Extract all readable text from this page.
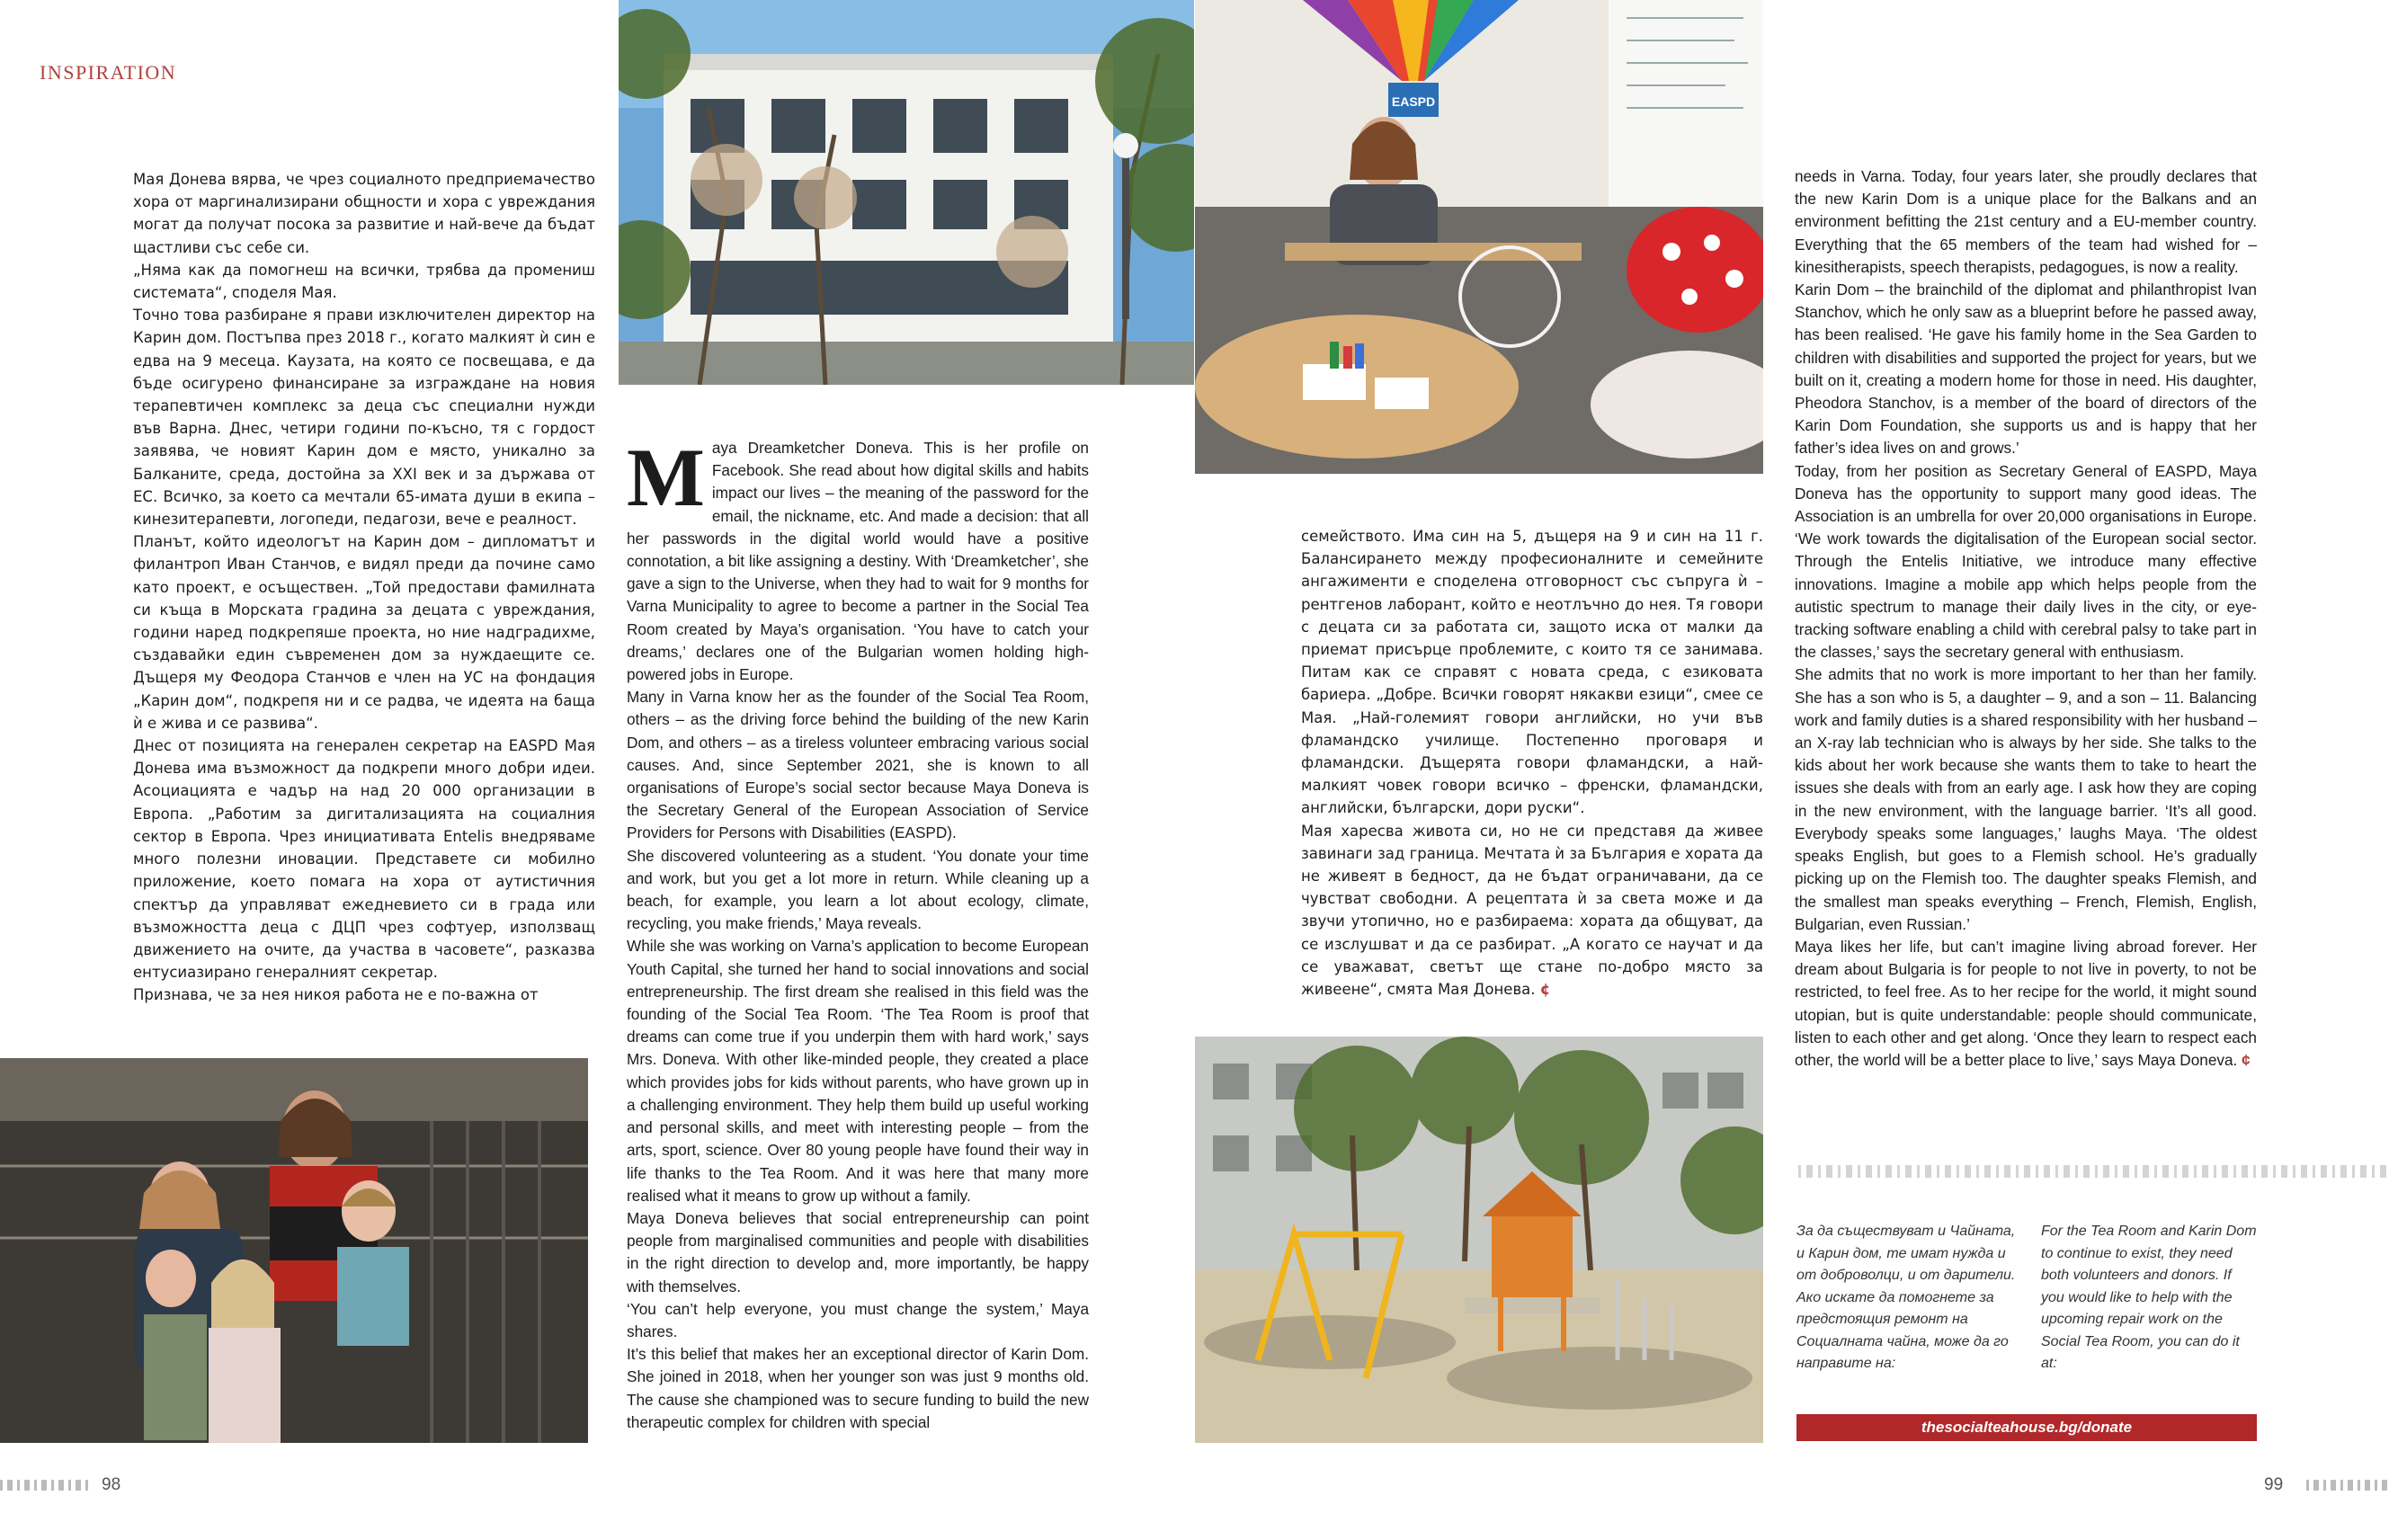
INSPIRATION
EASPD

Мая Донева вярва, че чрез социалното предприемачество хора от маргинализирани общности и хора с увреждания могат да получат посока за развитие и най-вече да бъдат щастливи със себе си.

„Няма как да помогнеш на всички, трябва да промениш системата“, споделя Мая.

Точно това разбиране я прави изключителен директор на Карин дом. Постъпва през 2018 г., когато малкият ѝ син е едва на 9 месеца. Каузата, на която се посвещава, е да бъде осигурено финансиране за изграждане на новия терапевтичен комплекс за деца със специални нужди във Варна. Днес, четири години по-късно, тя с гордост заявява, че новият Карин дом е място, уникално за Балканите, среда, достойна за XXI век и за държава от ЕС. Всичко, за което са мечтали 65-имата души в екипа – кинезитерапевти, логопеди, педагози, вече е реалност.

Планът, който идеологът на Карин дом – дипломатът и филантроп Иван Станчов, е видял преди да почине само като проект, е осъществен. „Той предостави фамилната си къща в Морската градина за децата с увреждания, години наред подкрепяше проекта, но ние надградихме, създавайки един съвременен дом за нуждаещите се. Дъщеря му Феодора Станчов е член на УС на фондация „Карин дом“, подкрепя ни и се радва, че идеята на баща ѝ е жива и се развива“.

Днес от позицията на генерален секретар на EASPD Мая Донева има възможност да подкрепи много добри идеи. Асоциацията е чадър на над 20 000 организации в Европа. „Работим за дигитализацията на социалния сектор в Европа. Чрез инициативата Entelis внедряваме много полезни иновации. Представете си мобилно приложение, което помага на хора от аутистичния спектър да управляват ежедневието си в града или възможността деца с ДЦП чрез софтуер, използващ движението на очите, да участва в часовете“, разказва ентусиазирано генералният секретар.

Признава, че за нея никоя работа не е по-важна от

Maya Dreamketcher Doneva. This is her profile on Facebook. She read about how digital skills and habits impact our lives – the meaning of the password for the email, the nickname, etc. And made a decision: that all her passwords in the digital world would have a positive connotation, a bit like assigning a destiny. With ‘Dreamketcher’, she gave a sign to the Universe, when they had to wait for 9 months for Varna Municipality to agree to become a partner in the Social Tea Room created by Maya’s organisation. ‘You have to catch your dreams,’ declares one of the Bulgarian women holding high-powered jobs in Europe.

Many in Varna know her as the founder of the Social Tea Room, others – as the driving force behind the building of the new Karin Dom, and others – as a tireless volunteer embracing various social causes. And, since September 2021, she is known to all organisations of Europe’s social sector because Maya Doneva is the Secretary General of the European Association of Service Providers for Persons with Disabilities (EASPD).

She discovered volunteering as a student. ‘You donate your time and work, but you get a lot more in return. While cleaning up a beach, for example, you learn a lot about ecology, climate, recycling, you make friends,’ Maya reveals.

While she was working on Varna’s application to become European Youth Capital, she turned her hand to social innovations and social entrepreneurship. The first dream she realised in this field was the founding of the Social Tea Room. ‘The Tea Room is proof that dreams can come true if you underpin them with hard work,’ says Mrs. Doneva. With other like-minded people, they created a place which provides jobs for kids without parents, who have grown up in a challenging environment. They help them build up useful working and personal skills, and meet with interesting people – from the arts, sport, science. Over 80 young people have found their way in life thanks to the Tea Room. And it was here that many more realised what it means to grow up without a family.

Maya Doneva believes that social entrepreneurship can point people from marginalised communities and people with disabilities in the right direction to develop and, more importantly, be happy with themselves.

‘You can’t help everyone, you must change the system,’ Maya shares.

It’s this belief that makes her an exceptional director of Karin Dom. She joined in 2018, when her younger son was just 9 months old. The cause she championed was to secure funding to build the new therapeutic complex for children with special

семейството. Има син на 5, дъщеря на 9 и син на 11 г. Балансирането между професионалните и семейните ангажименти е споделена отговорност със съпруга ѝ – рентгенов лаборант, който е неотлъчно до нея. Тя говори с децата си за работата си, защото иска от малки да приемат присърце проблемите, с които тя се занимава. Питам как се справят с новата среда, с езиковата бариера. „Добре. Всички говорят някакви езици“, смее се Мая. „Най-големият говори английски, но учи във фламандско училище. Постепенно проговаря и фламандски. Дъщерята говори фламандски, а най-малкият човек говори всичко – френски, фламандски, английски, български, дори руски“.

Мая харесва живота си, но не си представя да живее завинаги зад граница. Мечтата ѝ за България е хората да не живеят в бедност, да не бъдат ограничавани, да се чувстват свободни. А рецептата ѝ за света може и да звучи утопично, но е разбираема: хората да общуват, да се изслушват и да се разбират. „А когато се научат и да се уважават, светът ще стане по-добро място за живеене“, смята Мая Донева. ¢

needs in Varna. Today, four years later, she proudly declares that the new Karin Dom is a unique place for the Balkans and an environment befitting the 21st century and a EU-member country. Everything that the 65 members of the team had wished for – kinesitherapists, speech therapists, pedagogues, is now a reality.

Karin Dom – the brainchild of the diplomat and philanthropist Ivan Stanchov, which he only saw as a blueprint before he passed away, has been realised. ‘He gave his family home in the Sea Garden to children with disabilities and supported the project for years, but we built on it, creating a modern home for those in need. His daughter, Pheodora Stanchov, is a member of the board of directors of the Karin Dom Foundation, she supports us and is happy that her father’s idea lives on and grows.’

Today, from her position as Secretary General of EASPD, Maya Doneva has the opportunity to support many good ideas. The Association is an umbrella for over 20,000 organisations in Europe. ‘We work towards the digitalisation of the European social sector. Through the Entelis Initiative, we introduce many effective innovations. Imagine a mobile app which helps people from the autistic spectrum to manage their daily lives in the city, or eye-tracking software enabling a child with cerebral palsy to take part in the classes,’ says the secretary general with enthusiasm.

She admits that no work is more important to her than her family. She has a son who is 5, a daughter – 9, and a son – 11. Balancing work and family duties is a shared responsibility with her husband – an X-ray lab technician who is always by her side. She talks to the kids about her work because she wants them to take to heart the issues she deals with from an early age. I ask how they are coping in the new environment, with the language barrier. ‘It’s all good. Everybody speaks some languages,’ laughs Maya. ‘The oldest speaks English, but goes to a Flemish school. He’s gradually picking up on the Flemish too. The daughter speaks Flemish, and the smallest man speaks everything – French, Flemish, English, Bulgarian, even Russian.’

Maya likes her life, but can’t imagine living abroad forever. Her dream about Bulgaria is for people to not live in poverty, to not be restricted, to feel free. As to her recipe for the world, it might sound utopian, but is quite understandable: people should communicate, listen to each other and get along. ‘Once they learn to respect each other, the world will be a better place to live,’ says Maya Doneva. ¢

За да съществуват и Чайната, и Карин дом, те имат нужда и от доброволци, и от дарители. Ако искате да помогнете за предстоящия ремонт на Социалната чайна, може да го направите на:
For the Tea Room and Karin Dom to continue to exist, they need both volunteers and donors. If you would like to help with the upcoming repair work on the Social Tea Room, you can do it at:
thesocialteahouse.bg/donate
98	99
